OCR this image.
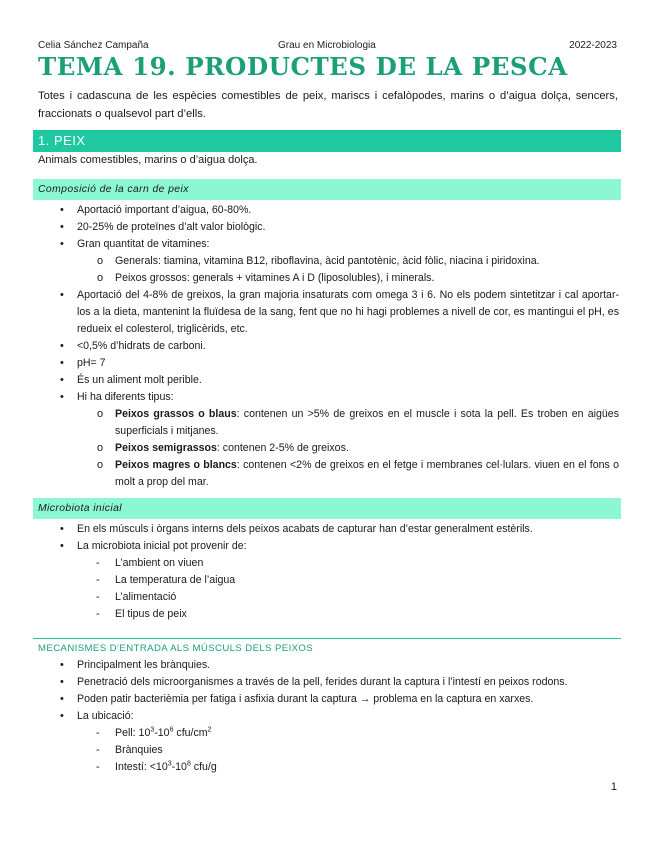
Celia Sánchez Campaña	Grau en Microbiologia	2022-2023
TEMA 19. PRODUCTES DE LA PESCA

Totes i cadascuna de les espècies comestibles de peix, mariscs i cefalòpodes, marins o d’aigua dolça, sencers, fraccionats o qualsevol part d’ells.

1. PEIX

Animals comestibles, marins o d’aigua dolça.

Composició de la carn de peix
• Aportació important d’aigua, 60-80%.
• 20-25% de proteïnes d’alt valor biològic.
• Gran quantitat de vitamines:
o Generals: tiamina, vitamina B12, riboflavina, àcid pantotènic, àcid fòlic, niacina i piridoxina.
o Peixos grossos: generals + vitamines A i D (liposolubles), i minerals.
• Aportació del 4-8% de greixos, la gran majoria insaturats com omega 3 i 6. No els podem sintetitzar i cal aportar-los a la dieta, mantenint la fluïdesa de la sang, fent que no hi hagi problemes a nivell de cor, es mantingui el pH, es redueix el colesterol, triglicèrids, etc.
• <0,5% d’hidrats de carboni.
• pH= 7
• És un aliment molt perible.
• Hi ha diferents tipus:
o Peixos grassos o blaus: contenen un >5% de greixos en el muscle i sota la pell. Es troben en aigües superficials i mitjanes.
o Peixos semigrassos: contenen 2-5% de greixos.
o Peixos magres o blancs: contenen <2% de greixos en el fetge i membranes cel·lulars. viuen en el fons o molt a prop del mar.
Microbiota inicial
• En els músculs i òrgans interns dels peixos acabats de capturar han d’estar generalment estèrils.
• La microbiota inicial pot provenir de:
- L’ambient on viuen
- La temperatura de l’aigua
- L’alimentació
- El tipus de peix
MECANISMES D’ENTRADA ALS MÚSCULS DELS PEIXOS
• Principalment les brànquies.
• Penetració dels microorganismes a través de la pell, ferides durant la captura i l’intestí en peixos rodons.
• Poden patir bacterièmia per fatiga i asfixia durant la captura → problema en la captura en xarxes.
• La ubicació:
- Pell: $10^3-10^6$ cfu/$cm^2$
- Brànquies
- Intestí: $<10^3-10^8$ cfu/g
1
